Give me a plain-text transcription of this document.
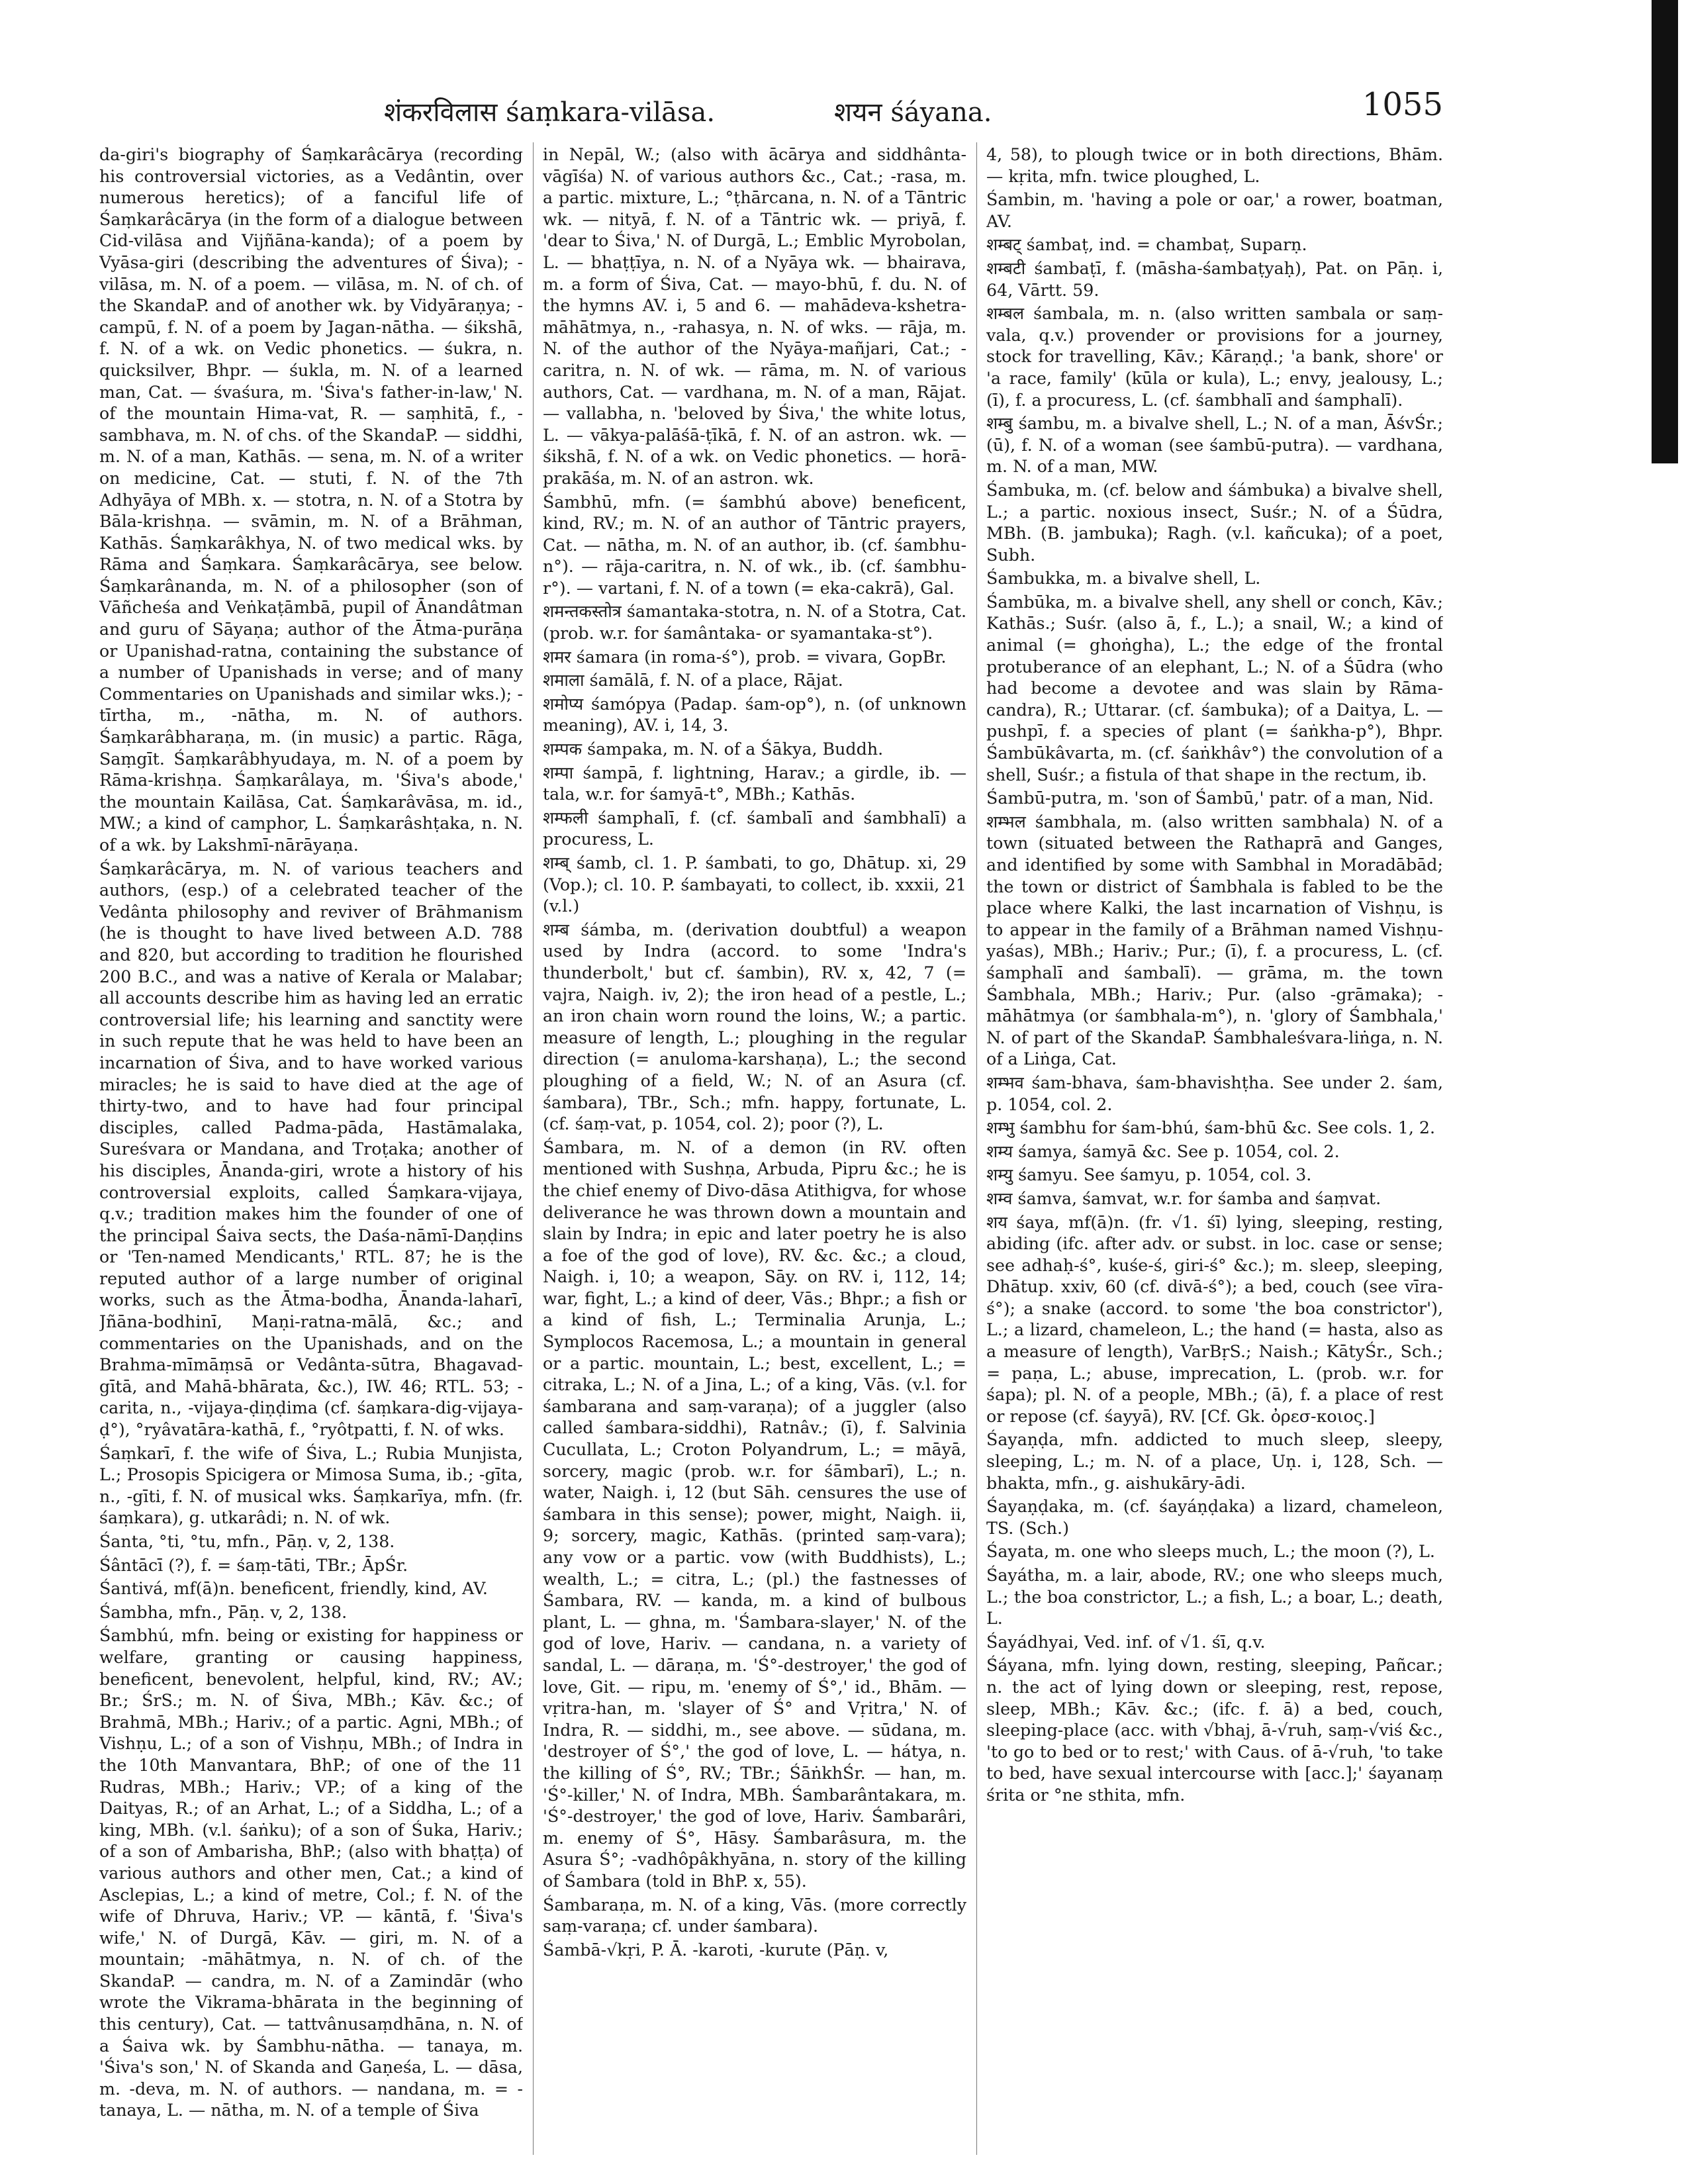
शंकरविलास śaṃkara-vilāsa.	शयन śáyana.	1055

da-giri's biography of Śaṃkarâcārya (recording his controversial victories, as a Vedântin, over numerous heretics); of a fanciful life of Śaṃkarâcārya (in the form of a dialogue between Cid-vilāsa and Vijñāna-kanda); of a poem by Vyāsa-giri (describing the adventures of Śiva); -vilāsa, m. N. of a poem. — vilāsa, m. N. of ch. of the SkandaP. and of another wk. by Vidyāraṇya; -campū, f. N. of a poem by Jagan-nātha. — śikshā, f. N. of a wk. on Vedic phonetics. — śukra, n. quicksilver, Bhpr. — śukla, m. N. of a learned man, Cat. — śvaśura, m. 'Śiva's father-in-law,' N. of the mountain Hima-vat, R. — saṃhitā, f., -sambhava, m. N. of chs. of the SkandaP. — siddhi, m. N. of a man, Kathās. — sena, m. N. of a writer on medicine, Cat. — stuti, f. N. of the 7th Adhyāya of MBh. x. — stotra, n. N. of a Stotra by Bāla-krishṇa. — svāmin, m. N. of a Brāhman, Kathās. Śaṃkarâkhya, N. of two medical wks. by Rāma and Śaṃkara. Śaṃkarâcārya, see below. Śaṃkarânanda, m. N. of a philosopher (son of Vāñcheśa and Veṅkaṭāmbā, pupil of Ānandâtman and guru of Sāyaṇa; author of the Ātma-purāṇa or Upanishad-ratna, containing the substance of a number of Upanishads in verse; and of many Commentaries on Upanishads and similar wks.); -tīrtha, m., -nātha, m. N. of authors. Śaṃkarâbharaṇa, m. (in music) a partic. Rāga, Saṃgīt. Śaṃkarâbhyudaya, m. N. of a poem by Rāma-krishṇa. Śaṃkarâlaya, m. 'Śiva's abode,' the mountain Kailāsa, Cat. Śaṃkarâvāsa, m. id., MW.; a kind of camphor, L. Śaṃkarâshṭaka, n. N. of a wk. by Lakshmī-nārāyaṇa.

Śaṃkarâcārya, m. N. of various teachers and authors, (esp.) of a celebrated teacher of the Vedânta philosophy and reviver of Brāhmanism (he is thought to have lived between A.D. 788 and 820, but according to tradition he flourished 200 B.C., and was a native of Kerala or Malabar; all accounts describe him as having led an erratic controversial life; his learning and sanctity were in such repute that he was held to have been an incarnation of Śiva, and to have worked various miracles; he is said to have died at the age of thirty-two, and to have had four principal disciples, called Padma-pāda, Hastāmalaka, Sureśvara or Mandana, and Troṭaka; another of his disciples, Ānanda-giri, wrote a history of his controversial exploits, called Śaṃkara-vijaya, q.v.; tradition makes him the founder of one of the principal Śaiva sects, the Daśa-nāmī-Daṇḍins or 'Ten-named Mendicants,' RTL. 87; he is the reputed author of a large number of original works, such as the Ātma-bodha, Ānanda-laharī, Jñāna-bodhinī, Maṇi-ratna-mālā, &c.; and commentaries on the Upanishads, and on the Brahma-mīmāṃsā or Vedânta-sūtra, Bhagavad-gītā, and Mahā-bhārata, &c.), IW. 46; RTL. 53; -carita, n., -vijaya-ḍiṇḍima (cf. śaṃkara-dig-vijaya-ḍ°), °ryâvatāra-kathā, f., °ryôtpatti, f. N. of wks.

Śaṃkarī, f. the wife of Śiva, L.; Rubia Munjista, L.; Prosopis Spicigera or Mimosa Suma, ib.; -gīta, n., -gīti, f. N. of musical wks. Śaṃkarīya, mfn. (fr. śaṃkara), g. utkarâdi; n. N. of wk.

Śanta, °ti, °tu, mfn., Pāṇ. v, 2, 138.

Śântācī (?), f. = śaṃ-tāti, TBr.; ĀpŚr.

Śantivá, mf(ā)n. beneficent, friendly, kind, AV.

Śambha, mfn., Pāṇ. v, 2, 138.

Śambhú, mfn. being or existing for happiness or welfare, granting or causing happiness, beneficent, benevolent, helpful, kind, RV.; AV.; Br.; ŚrS.; m. N. of Śiva, MBh.; Kāv. &c.; of Brahmā, MBh.; Hariv.; of a partic. Agni, MBh.; of Vishṇu, L.; of a son of Vishṇu, MBh.; of Indra in the 10th Manvantara, BhP.; of one of the 11 Rudras, MBh.; Hariv.; VP.; of a king of the Daityas, R.; of an Arhat, L.; of a Siddha, L.; of a king, MBh. (v.l. śaṅku); of a son of Śuka, Hariv.; of a son of Ambarisha, BhP.; (also with bhaṭṭa) of various authors and other men, Cat.; a kind of Asclepias, L.; a kind of metre, Col.; f. N. of the wife of Dhruva, Hariv.; VP. — kāntā, f. 'Śiva's wife,' N. of Durgā, Kāv. — giri, m. N. of a mountain; -māhātmya, n. N. of ch. of the SkandaP. — candra, m. N. of a Zamindār (who wrote the Vikrama-bhārata in the beginning of this century), Cat. — tattvânusaṃdhāna, n. N. of a Śaiva wk. by Śambhu-nātha. — tanaya, m. 'Śiva's son,' N. of Skanda and Gaṇeśa, L. — dāsa, m. -deva, m. N. of authors. — nandana, m. = -tanaya, L. — nātha, m. N. of a temple of Śiva

in Nepāl, W.; (also with ācārya and siddhânta-vāgīśa) N. of various authors &c., Cat.; -rasa, m. a partic. mixture, L.; °ṭhārcana, n. N. of a Tāntric wk. — nityā, f. N. of a Tāntric wk. — priyā, f. 'dear to Śiva,' N. of Durgā, L.; Emblic Myrobolan, L. — bhaṭṭīya, n. N. of a Nyāya wk. — bhairava, m. a form of Śiva, Cat. — mayo-bhū, f. du. N. of the hymns AV. i, 5 and 6. — mahādeva-kshetra-māhātmya, n., -rahasya, n. N. of wks. — rāja, m. N. of the author of the Nyāya-mañjari, Cat.; -caritra, n. N. of wk. — rāma, m. N. of various authors, Cat. — vardhana, m. N. of a man, Rājat. — vallabha, n. 'beloved by Śiva,' the white lotus, L. — vākya-palāśā-ṭīkā, f. N. of an astron. wk. — śikshā, f. N. of a wk. on Vedic phonetics. — horā-prakāśa, m. N. of an astron. wk.

Śambhū, mfn. (= śambhú above) beneficent, kind, RV.; m. N. of an author of Tāntric prayers, Cat. — nātha, m. N. of an author, ib. (cf. śambhu-n°). — rāja-caritra, n. N. of wk., ib. (cf. śambhu-r°). — vartani, f. N. of a town (= eka-cakrā), Gal.

शमन्तकस्तोत्र śamantaka-stotra, n. N. of a Stotra, Cat. (prob. w.r. for śamântaka- or syamantaka-st°).

शमर śamara (in roma-ś°), prob. = vivara, GopBr.

शमाला śamālā, f. N. of a place, Rājat.

शमोप्य śamópya (Padap. śam-op°), n. (of unknown meaning), AV. i, 14, 3.

शम्पक śampaka, m. N. of a Śākya, Buddh.

शम्पा śampā, f. lightning, Harav.; a girdle, ib. — tala, w.r. for śamyā-t°, MBh.; Kathās.

शम्फली śamphalī, f. (cf. śambalī and śambhalī) a procuress, L.

शम्ब् śamb, cl. 1. P. śambati, to go, Dhātup. xi, 29 (Vop.); cl. 10. P. śambayati, to collect, ib. xxxii, 21 (v.l.)

शम्ब śámba, m. (derivation doubtful) a weapon used by Indra (accord. to some 'Indra's thunderbolt,' but cf. śambin), RV. x, 42, 7 (= vajra, Naigh. iv, 2); the iron head of a pestle, L.; an iron chain worn round the loins, W.; a partic. measure of length, L.; ploughing in the regular direction (= anuloma-karshaṇa), L.; the second ploughing of a field, W.; N. of an Asura (cf. śambara), TBr., Sch.; mfn. happy, fortunate, L. (cf. śaṃ-vat, p. 1054, col. 2); poor (?), L.

Śambara, m. N. of a demon (in RV. often mentioned with Sushṇa, Arbuda, Pipru &c.; he is the chief enemy of Divo-dāsa Atithigva, for whose deliverance he was thrown down a mountain and slain by Indra; in epic and later poetry he is also a foe of the god of love), RV. &c. &c.; a cloud, Naigh. i, 10; a weapon, Sāy. on RV. i, 112, 14; war, fight, L.; a kind of deer, Vās.; Bhpr.; a fish or a kind of fish, L.; Terminalia Arunja, L.; Symplocos Racemosa, L.; a mountain in general or a partic. mountain, L.; best, excellent, L.; = citraka, L.; N. of a Jina, L.; of a king, Vās. (v.l. for śambarana and saṃ-varaṇa); of a juggler (also called śambara-siddhi), Ratnâv.; (ī), f. Salvinia Cucullata, L.; Croton Polyandrum, L.; = māyā, sorcery, magic (prob. w.r. for śāmbarī), L.; n. water, Naigh. i, 12 (but Sāh. censures the use of śambara in this sense); power, might, Naigh. ii, 9; sorcery, magic, Kathās. (printed saṃ-vara); any vow or a partic. vow (with Buddhists), L.; wealth, L.; = citra, L.; (pl.) the fastnesses of Śambara, RV. — kanda, m. a kind of bulbous plant, L. — ghna, m. 'Śambara-slayer,' N. of the god of love, Hariv. — candana, n. a variety of sandal, L. — dāraṇa, m. 'Ś°-destroyer,' the god of love, Git. — ripu, m. 'enemy of Ś°,' id., Bhām. — vṛitra-han, m. 'slayer of Ś° and Vṛitra,' N. of Indra, R. — siddhi, m., see above. — sūdana, m. 'destroyer of Ś°,' the god of love, L. — hátya, n. the killing of Ś°, RV.; TBr.; ŚāṅkhŚr. — han, m. 'Ś°-killer,' N. of Indra, MBh. Śambarântakara, m. 'Ś°-destroyer,' the god of love, Hariv. Śambarâri, m. enemy of Ś°, Hāsy. Śambarâsura, m. the Asura Ś°; -vadhôpâkhyāna, n. story of the killing of Śambara (told in BhP. x, 55).

Śambaraṇa, m. N. of a king, Vās. (more correctly saṃ-varaṇa; cf. under śambara).

Śambā-√kṛi, P. Ā. -karoti, -kurute (Pāṇ. v,

4, 58), to plough twice or in both directions, Bhām. — kṛita, mfn. twice ploughed, L.

Śambin, m. 'having a pole or oar,' a rower, boatman, AV.

शम्बट् śambaṭ, ind. = chambaṭ, Suparṇ.

शम्बटी śambaṭī, f. (māsha-śambaṭyaḥ), Pat. on Pāṇ. i, 64, Vārtt. 59.

शम्बल śambala, m. n. (also written sambala or saṃ-vala, q.v.) provender or provisions for a journey, stock for travelling, Kāv.; Kāraṇḍ.; 'a bank, shore' or 'a race, family' (kūla or kula), L.; envy, jealousy, L.; (ī), f. a procuress, L. (cf. śambhalī and śamphalī).

शम्बु śambu, m. a bivalve shell, L.; N. of a man, ĀśvŚr.; (ū), f. N. of a woman (see śambū-putra). — vardhana, m. N. of a man, MW.

Śambuka, m. (cf. below and śámbuka) a bivalve shell, L.; a partic. noxious insect, Suśr.; N. of a Śūdra, MBh. (B. jambuka); Ragh. (v.l. kañcuka); of a poet, Subh.

Śambukka, m. a bivalve shell, L.

Śambūka, m. a bivalve shell, any shell or conch, Kāv.; Kathās.; Suśr. (also ā, f., L.); a snail, W.; a kind of animal (= ghoṅgha), L.; the edge of the frontal protuberance of an elephant, L.; N. of a Śūdra (who had become a devotee and was slain by Rāma-candra), R.; Uttarar. (cf. śambuka); of a Daitya, L. — pushpī, f. a species of plant (= śaṅkha-p°), Bhpr. Śambūkâvarta, m. (cf. śaṅkhâv°) the convolution of a shell, Suśr.; a fistula of that shape in the rectum, ib.

Śambū-putra, m. 'son of Śambū,' patr. of a man, Nid.

शम्भल śambhala, m. (also written sambhala) N. of a town (situated between the Rathaprā and Ganges, and identified by some with Sambhal in Moradābād; the town or district of Śambhala is fabled to be the place where Kalki, the last incarnation of Vishṇu, is to appear in the family of a Brāhman named Vishṇu-yaśas), MBh.; Hariv.; Pur.; (ī), f. a procuress, L. (cf. śamphalī and śambalī). — grāma, m. the town Śambhala, MBh.; Hariv.; Pur. (also -grāmaka); -māhātmya (or śambhala-m°), n. 'glory of Śambhala,' N. of part of the SkandaP. Śambhaleśvara-liṅga, n. N. of a Liṅga, Cat.

शम्भव śam-bhava, śam-bhavishṭha. See under 2. śam, p. 1054, col. 2.

शम्भु śambhu for śam-bhú, śam-bhū &c. See cols. 1, 2.

शम्य śamya, śamyā &c. See p. 1054, col. 2.

शम्यु śamyu. See śamyu, p. 1054, col. 3.

शम्व śamva, śamvat, w.r. for śamba and śaṃvat.

शय śaya, mf(ā)n. (fr. √1. śī) lying, sleeping, resting, abiding (ifc. after adv. or subst. in loc. case or sense; see adhaḥ-ś°, kuśe-ś, giri-ś° &c.); m. sleep, sleeping, Dhātup. xxiv, 60 (cf. divā-ś°); a bed, couch (see vīra-ś°); a snake (accord. to some 'the boa constrictor'), L.; a lizard, chameleon, L.; the hand (= hasta, also as a measure of length), VarBṛS.; Naish.; KātyŚr., Sch.; = paṇa, L.; abuse, imprecation, L. (prob. w.r. for śapa); pl. N. of a people, MBh.; (ā), f. a place of rest or repose (cf. śayyā), RV. [Cf. Gk. ὀρεσ-κοιος.]

Śayaṇḍa, mfn. addicted to much sleep, sleepy, sleeping, L.; m. N. of a place, Uṇ. i, 128, Sch. — bhakta, mfn., g. aishukāry-ādi.

Śayaṇḍaka, m. (cf. śayáṇḍaka) a lizard, chameleon, TS. (Sch.)

Śayata, m. one who sleeps much, L.; the moon (?), L.

Śayátha, m. a lair, abode, RV.; one who sleeps much, L.; the boa constrictor, L.; a fish, L.; a boar, L.; death, L.

Śayádhyai, Ved. inf. of √1. śī, q.v.

Śáyana, mfn. lying down, resting, sleeping, Pañcar.; n. the act of lying down or sleeping, rest, repose, sleep, MBh.; Kāv. &c.; (ifc. f. ā) a bed, couch, sleeping-place (acc. with √bhaj, ā-√ruh, saṃ-√viś &c., 'to go to bed or to rest;' with Caus. of ā-√ruh, 'to take to bed, have sexual intercourse with [acc.];' śayanaṃ śrita or °ne sthita, mfn.
